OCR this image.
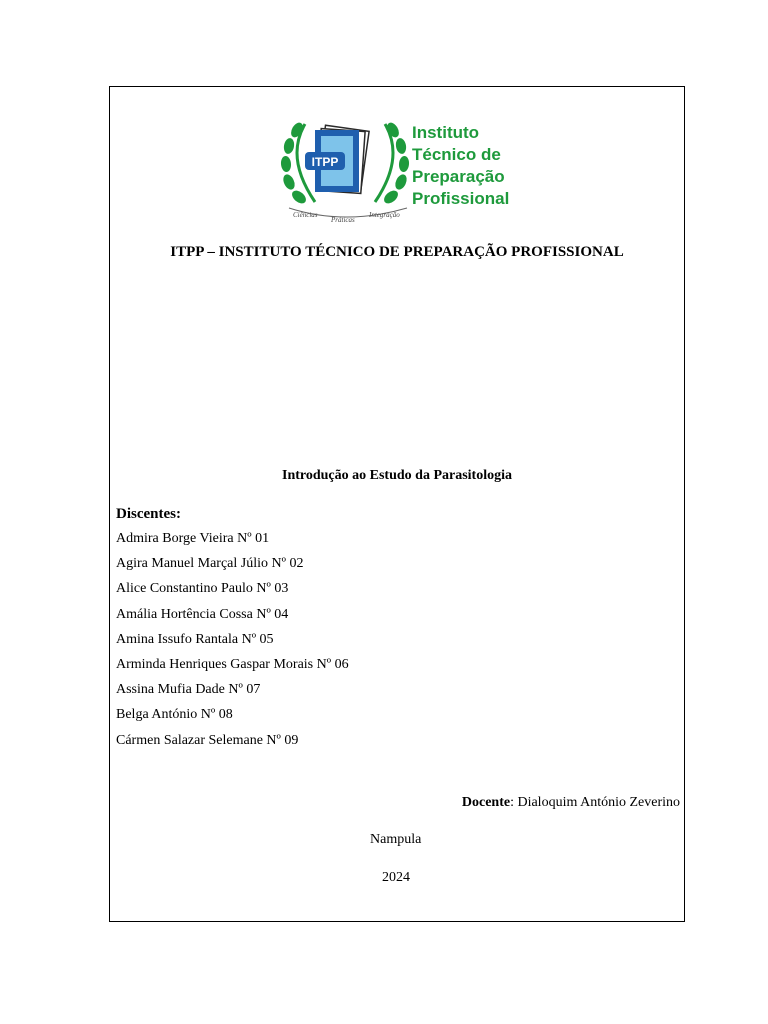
ITPP
Instituto
Técnico de
Preparação
Profissional
Ciências
Práticas
Integração
ITPP – INSTITUTO TÉCNICO DE PREPARAÇÃO PROFISSIONAL
Introdução ao Estudo da Parasitologia
Discentes:
Admira Borge Vieira Nº 01
Agira Manuel Marçal Júlio Nº 02
Alice Constantino Paulo Nº 03
Amália Hortência Cossa Nº 04
Amina Issufo Rantala Nº 05
Arminda Henriques Gaspar Morais Nº 06
Assina Mufia Dade Nº 07
Belga António Nº 08
Cármen Salazar Selemane Nº 09
Docente: Dialoquim António Zeverino
Nampula
2024
